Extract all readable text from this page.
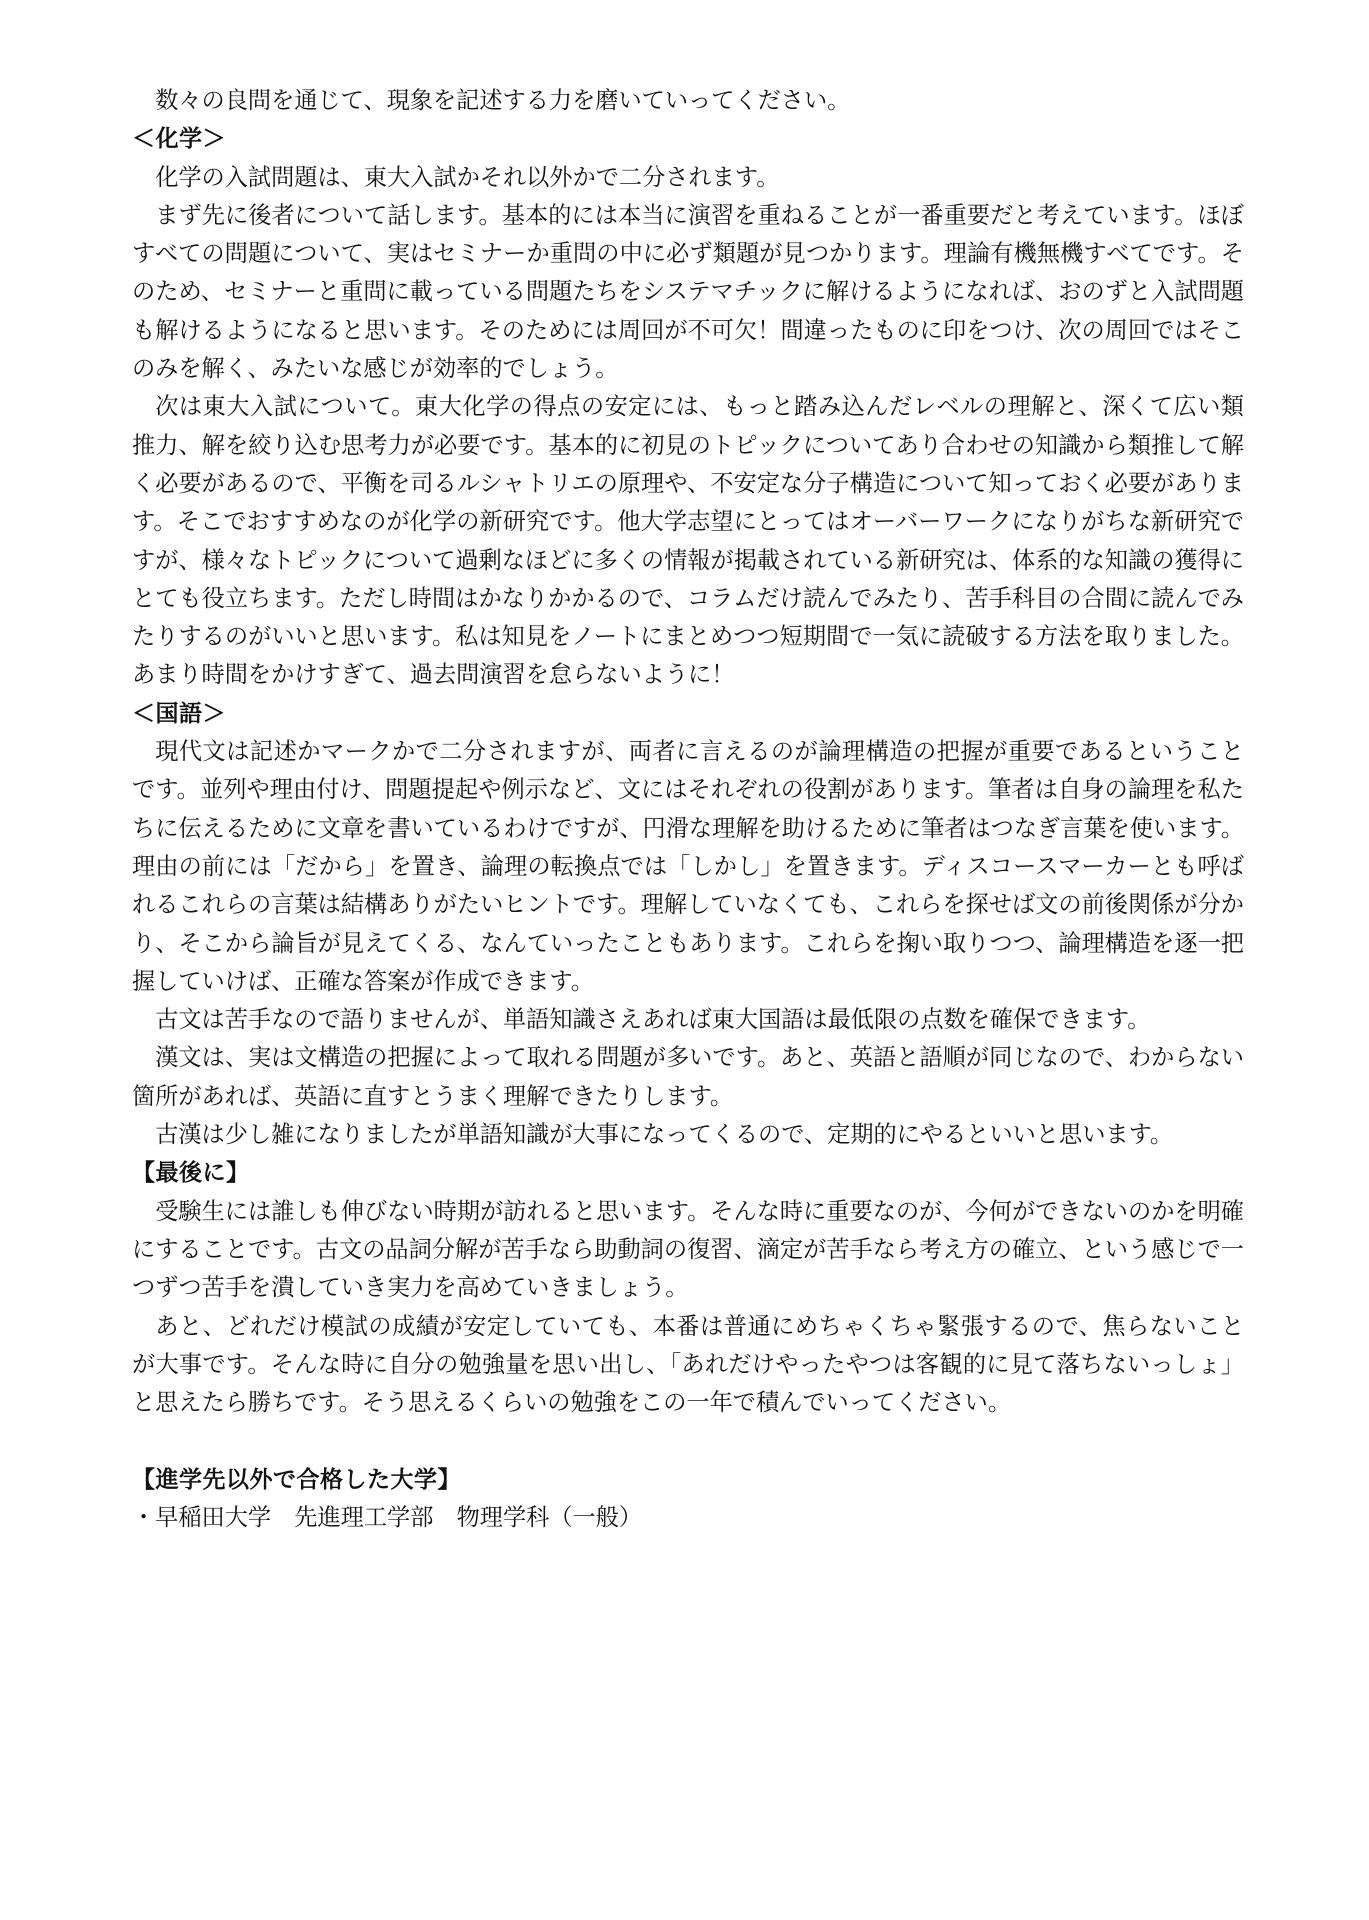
数々の良問を通じて、現象を記述する力を磨いていってください。

＜化学＞

化学の入試問題は、東大入試かそれ以外かで二分されます。

まず先に後者について話します。基本的には本当に演習を重ねることが一番重要だと考えています。ほぼすべての問題について、実はセミナーか重問の中に必ず類題が見つかります。理論有機無機すべてです。そのため、セミナーと重問に載っている問題たちをシステマチックに解けるようになれば、おのずと入試問題も解けるようになると思います。そのためには周回が不可欠！間違ったものに印をつけ、次の周回ではそこのみを解く、みたいな感じが効率的でしょう。

次は東大入試について。東大化学の得点の安定には、もっと踏み込んだレベルの理解と、深くて広い類推力、解を絞り込む思考力が必要です。基本的に初見のトピックについてあり合わせの知識から類推して解く必要があるので、平衡を司るルシャトリエの原理や、不安定な分子構造について知っておく必要があります。そこでおすすめなのが化学の新研究です。他大学志望にとってはオーバーワークになりがちな新研究ですが、様々なトピックについて過剰なほどに多くの情報が掲載されている新研究は、体系的な知識の獲得にとても役立ちます。ただし時間はかなりかかるので、コラムだけ読んでみたり、苦手科目の合間に読んでみたりするのがいいと思います。私は知見をノートにまとめつつ短期間で一気に読破する方法を取りました。あまり時間をかけすぎて、過去問演習を怠らないように！

＜国語＞

現代文は記述かマークかで二分されますが、両者に言えるのが論理構造の把握が重要であるということです。並列や理由付け、問題提起や例示など、文にはそれぞれの役割があります。筆者は自身の論理を私たちに伝えるために文章を書いているわけですが、円滑な理解を助けるために筆者はつなぎ言葉を使います。理由の前には「だから」を置き、論理の転換点では「しかし」を置きます。ディスコースマーカーとも呼ばれるこれらの言葉は結構ありがたいヒントです。理解していなくても、これらを探せば文の前後関係が分かり、そこから論旨が見えてくる、なんていったこともあります。これらを掬い取りつつ、論理構造を逐一把握していけば、正確な答案が作成できます。

古文は苦手なので語りませんが、単語知識さえあれば東大国語は最低限の点数を確保できます。

漢文は、実は文構造の把握によって取れる問題が多いです。あと、英語と語順が同じなので、わからない箇所があれば、英語に直すとうまく理解できたりします。

古漢は少し雑になりましたが単語知識が大事になってくるので、定期的にやるといいと思います。

【最後に】

受験生には誰しも伸びない時期が訪れると思います。そんな時に重要なのが、今何ができないのかを明確にすることです。古文の品詞分解が苦手なら助動詞の復習、滴定が苦手なら考え方の確立、という感じで一つずつ苦手を潰していき実力を高めていきましょう。

あと、どれだけ模試の成績が安定していても、本番は普通にめちゃくちゃ緊張するので、焦らないことが大事です。そんな時に自分の勉強量を思い出し、「あれだけやったやつは客観的に見て落ちないっしょ」と思えたら勝ちです。そう思えるくらいの勉強をこの一年で積んでいってください。

【進学先以外で合格した大学】
・早稲田大学　先進理工学部　物理学科（一般）
